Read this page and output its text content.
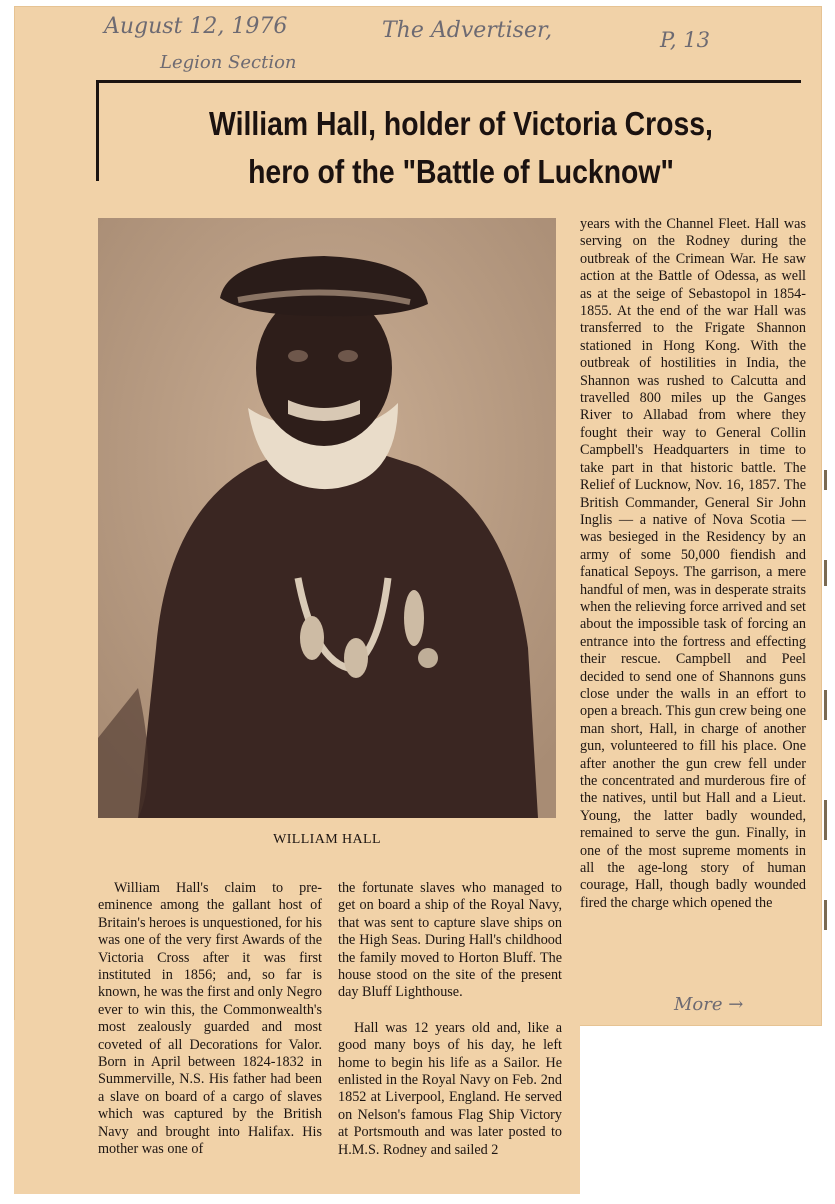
August 12, 1976	The Advertiser,	P, 13
Legion Section
William Hall, holder of Victoria Cross,
hero of the "Battle of Lucknow"
WILLIAM HALL

years with the Channel Fleet. Hall was serving on the Rodney during the outbreak of the Crimean War. He saw action at the Battle of Odessa, as well as at the seige of Sebastopol in 1854-1855. At the end of the war Hall was transferred to the Frigate Shannon stationed in Hong Kong. With the outbreak of hostilities in India, the Shannon was rushed to Calcutta and travelled 800 miles up the Ganges River to Allabad from where they fought their way to General Collin Campbell's Headquarters in time to take part in that historic battle. The Relief of Lucknow, Nov. 16, 1857. The British Commander, General Sir John Inglis — a native of Nova Scotia — was besieged in the Residency by an army of some 50,000 fiendish and fanatical Sepoys. The garrison, a mere handful of men, was in desperate straits when the relieving force arrived and set about the impossible task of forcing an entrance into the fortress and effecting their rescue. Campbell and Peel decided to send one of Shannons guns close under the walls in an effort to open a breach. This gun crew being one man short, Hall, in charge of another gun, volunteered to fill his place. One after another the gun crew fell under the concentrated and murderous fire of the natives, until but Hall and a Lieut. Young, the latter badly wounded, remained to serve the gun. Finally, in one of the most supreme moments in all the age-long story of human courage, Hall, though badly wounded fired the charge which opened the

William Hall's claim to pre-eminence among the gallant host of Britain's heroes is unquestioned, for his was one of the very first Awards of the Victoria Cross after it was first instituted in 1856; and, so far is known, he was the first and only Negro ever to win this, the Commonwealth's most zealously guarded and most coveted of all Decorations for Valor. Born in April between 1824-1832 in Summerville, N.S. His father had been a slave on board of a cargo of slaves which was captured by the British Navy and brought into Halifax. His mother was one of

the fortunate slaves who managed to get on board a ship of the Royal Navy, that was sent to capture slave ships on the High Seas. During Hall's childhood the family moved to Horton Bluff. The house stood on the site of the present day Bluff Lighthouse.

Hall was 12 years old and, like a good many boys of his day, he left home to begin his life as a Sailor. He enlisted in the Royal Navy on Feb. 2nd 1852 at Liverpool, England. He served on Nelson's famous Flag Ship Victory at Portsmouth and was later posted to H.M.S. Rodney and sailed 2

More →
